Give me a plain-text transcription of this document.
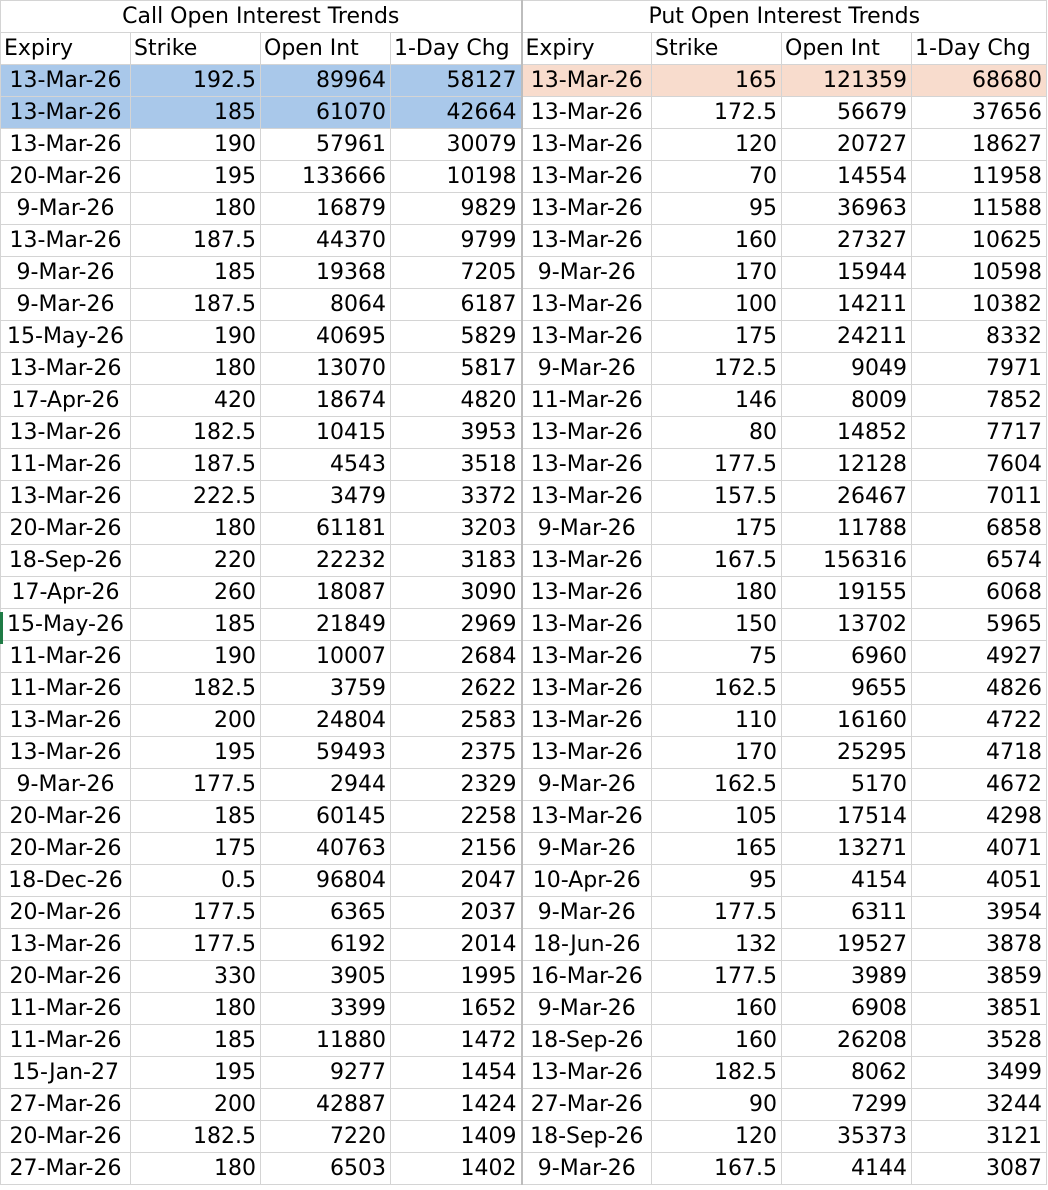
Call Open Interest Trends				Put Open Interest Trends			
Expiry	Strike	Open Int	1-Day Chg	Expiry	Strike	Open Int	1-Day Chg
13-Mar-26	192.5	89964	58127	13-Mar-26	165	121359	68680
13-Mar-26	185	61070	42664	13-Mar-26	172.5	56679	37656
13-Mar-26	190	57961	30079	13-Mar-26	120	20727	18627
20-Mar-26	195	133666	10198	13-Mar-26	70	14554	11958
9-Mar-26	180	16879	9829	13-Mar-26	95	36963	11588
13-Mar-26	187.5	44370	9799	13-Mar-26	160	27327	10625
9-Mar-26	185	19368	7205	9-Mar-26	170	15944	10598
9-Mar-26	187.5	8064	6187	13-Mar-26	100	14211	10382
15-May-26	190	40695	5829	13-Mar-26	175	24211	8332
13-Mar-26	180	13070	5817	9-Mar-26	172.5	9049	7971
17-Apr-26	420	18674	4820	11-Mar-26	146	8009	7852
13-Mar-26	182.5	10415	3953	13-Mar-26	80	14852	7717
11-Mar-26	187.5	4543	3518	13-Mar-26	177.5	12128	7604
13-Mar-26	222.5	3479	3372	13-Mar-26	157.5	26467	7011
20-Mar-26	180	61181	3203	9-Mar-26	175	11788	6858
18-Sep-26	220	22232	3183	13-Mar-26	167.5	156316	6574
17-Apr-26	260	18087	3090	13-Mar-26	180	19155	6068
15-May-26	185	21849	2969	13-Mar-26	150	13702	5965
11-Mar-26	190	10007	2684	13-Mar-26	75	6960	4927
11-Mar-26	182.5	3759	2622	13-Mar-26	162.5	9655	4826
13-Mar-26	200	24804	2583	13-Mar-26	110	16160	4722
13-Mar-26	195	59493	2375	13-Mar-26	170	25295	4718
9-Mar-26	177.5	2944	2329	9-Mar-26	162.5	5170	4672
20-Mar-26	185	60145	2258	13-Mar-26	105	17514	4298
20-Mar-26	175	40763	2156	9-Mar-26	165	13271	4071
18-Dec-26	0.5	96804	2047	10-Apr-26	95	4154	4051
20-Mar-26	177.5	6365	2037	9-Mar-26	177.5	6311	3954
13-Mar-26	177.5	6192	2014	18-Jun-26	132	19527	3878
20-Mar-26	330	3905	1995	16-Mar-26	177.5	3989	3859
11-Mar-26	180	3399	1652	9-Mar-26	160	6908	3851
11-Mar-26	185	11880	1472	18-Sep-26	160	26208	3528
15-Jan-27	195	9277	1454	13-Mar-26	182.5	8062	3499
27-Mar-26	200	42887	1424	27-Mar-26	90	7299	3244
20-Mar-26	182.5	7220	1409	18-Sep-26	120	35373	3121
27-Mar-26	180	6503	1402	9-Mar-26	167.5	4144	3087
